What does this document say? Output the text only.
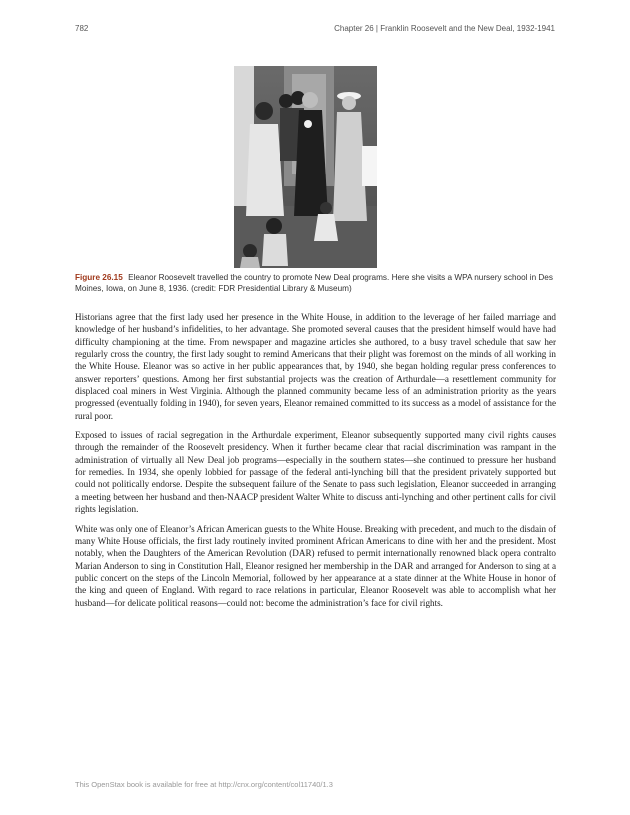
782	Chapter 26 | Franklin Roosevelt and the New Deal, 1932-1941
Figure 26.15 Eleanor Roosevelt travelled the country to promote New Deal programs. Here she visits a WPA nursery school in Des Moines, Iowa, on June 8, 1936. (credit: FDR Presidential Library & Museum)

Historians agree that the first lady used her presence in the White House, in addition to the leverage of her failed marriage and knowledge of her husband’s infidelities, to her advantage. She promoted several causes that the president himself would have had difficulty championing at the time. From newspaper and magazine articles she authored, to a busy travel schedule that saw her regularly cross the country, the first lady sought to remind Americans that their plight was foremost on the minds of all working in the White House. Eleanor was so active in her public appearances that, by 1940, she began holding regular press conferences to answer reporters’ questions. Among her first substantial projects was the creation of Arthurdale—a resettlement community for displaced coal miners in West Virginia. Although the planned community became less of an administration priority as the years progressed (eventually folding in 1940), for seven years, Eleanor remained committed to its success as a model of assistance for the rural poor.

Exposed to issues of racial segregation in the Arthurdale experiment, Eleanor subsequently supported many civil rights causes through the remainder of the Roosevelt presidency. When it further became clear that racial discrimination was rampant in the administration of virtually all New Deal job programs—especially in the southern states—she continued to pressure her husband for remedies. In 1934, she openly lobbied for passage of the federal anti-lynching bill that the president privately supported but could not politically endorse. Despite the subsequent failure of the Senate to pass such legislation, Eleanor succeeded in arranging a meeting between her husband and then-NAACP president Walter White to discuss anti-lynching and other pertinent calls for civil rights legislation.

White was only one of Eleanor’s African American guests to the White House. Breaking with precedent, and much to the disdain of many White House officials, the first lady routinely invited prominent African Americans to dine with her and the president. Most notably, when the Daughters of the American Revolution (DAR) refused to permit internationally renowned black opera contralto Marian Anderson to sing in Constitution Hall, Eleanor resigned her membership in the DAR and arranged for Anderson to sing at a public concert on the steps of the Lincoln Memorial, followed by her appearance at a state dinner at the White House in honor of the king and queen of England. With regard to race relations in particular, Eleanor Roosevelt was able to accomplish what her husband—for delicate political reasons—could not: become the administration’s face for civil rights.

This OpenStax book is available for free at http://cnx.org/content/col11740/1.3
